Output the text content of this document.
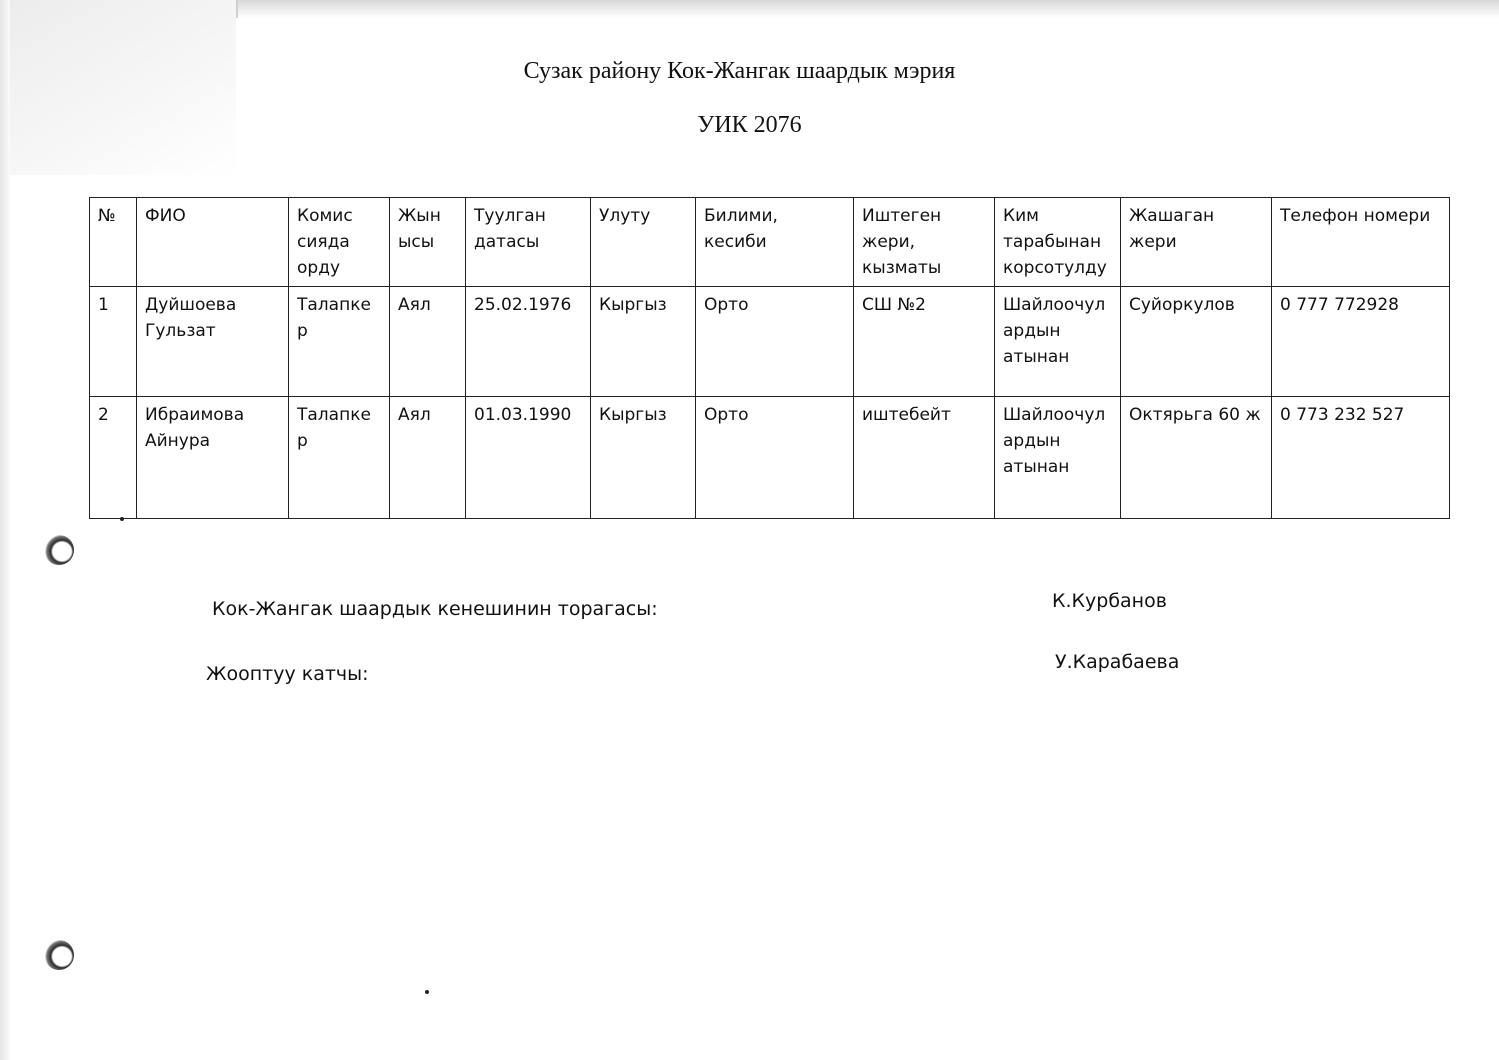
Сузак району Кок-Жангак шаардык мэрия
УИК 2076
№	ФИО	Комис сияда орду	Жын ысы	Туулган датасы	Улуту	Билими, кесиби	Иштеген жери, кызматы	Ким тарабынан корсотулду	Жашаган жери	Телефон номери
1	Дуйшоева Гульзат	Талапке р	Аял	25.02.1976	Кыргыз	Орто	СШ №2	Шайлоочул ардын атынан	Суйоркулов	0 777 772928
2	Ибраимова Айнура	Талапке р	Аял	01.03.1990	Кыргыз	Орто	иштебейт	Шайлоочул ардын атынан	Октярьга 60 ж	0 773 232 527
Кок-Жангак шаардык кенешинин торагасы:	К.Курбанов
Жооптуу катчы:
У.Карабаева
